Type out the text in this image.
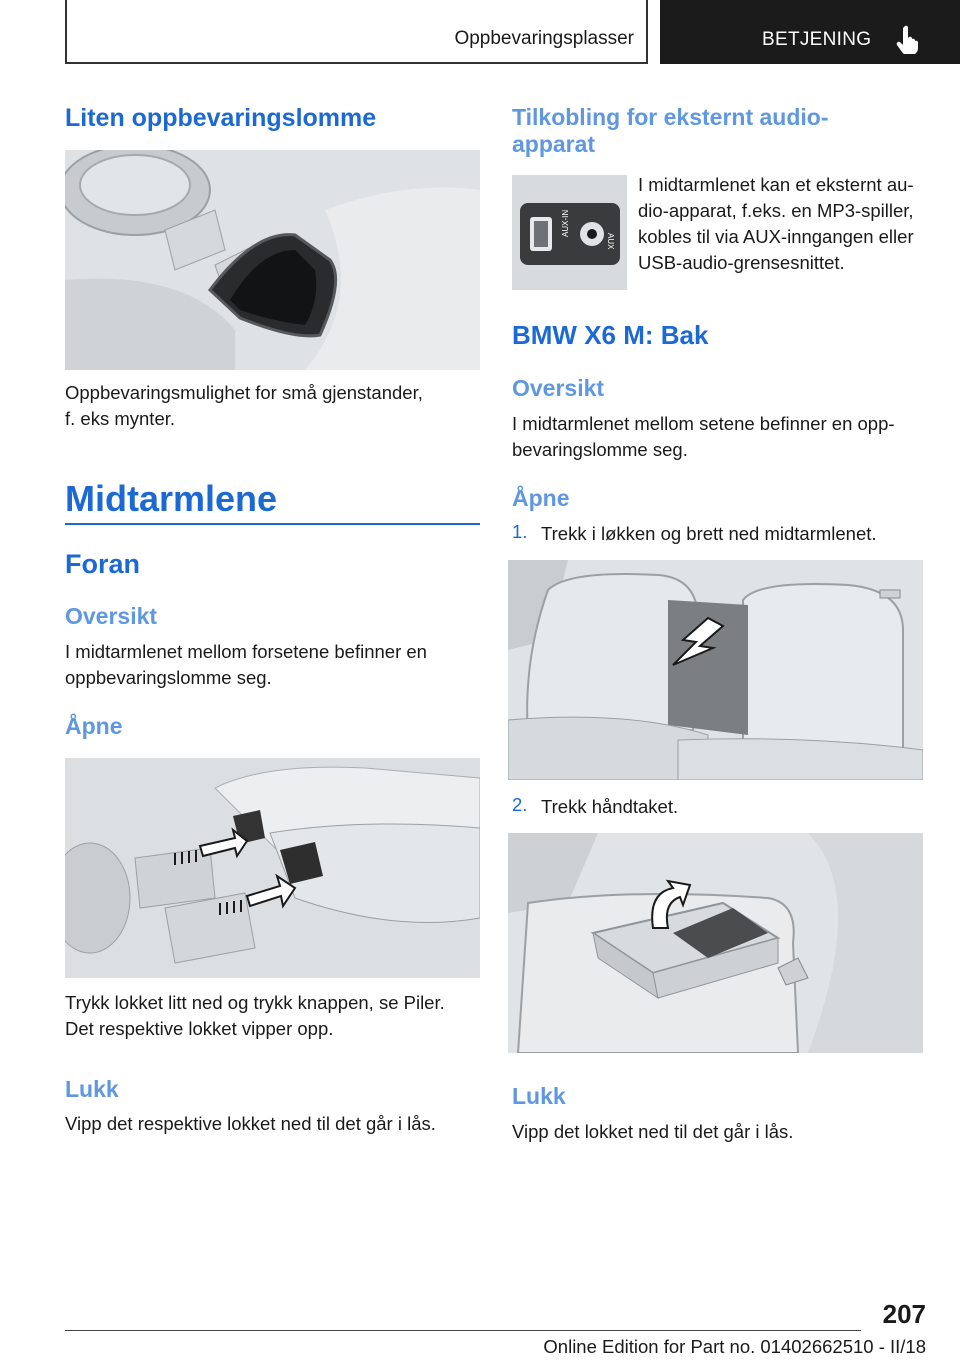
Oppbevaringsplasser	BETJENING
Liten oppbevaringslomme

Oppbevaringsmulighet for små gjenstander,

f. eks mynter.

Midtarmlene
Foran
Oversikt

I midtarmlenet mellom forsetene befinner en

oppbevaringslomme seg.

Åpne

Trykk lokket litt ned og trykk knappen, se Piler.

Det respektive lokket vipper opp.

Lukk

Vipp det respektive lokket ned til det går i lås.

Tilkobling for eksternt audio‐
apparat
AUX-IN
AUX

I midtarmlenet kan et eksternt au‐

dio-apparat, f.eks. en MP3-spiller,

kobles til via AUX-inngangen eller

USB-audio-grensesnittet.

BMW X6 M: Bak
Oversikt

I midtarmlenet mellom setene befinner en opp‐

bevaringslomme seg.

Åpne
1. Trekk i løkken og brett ned midtarmlenet.

2. Trekk håndtaket.

Lukk

Vipp det lokket ned til det går i lås.

207
Online Edition for Part no. 01402662510 - II/18
